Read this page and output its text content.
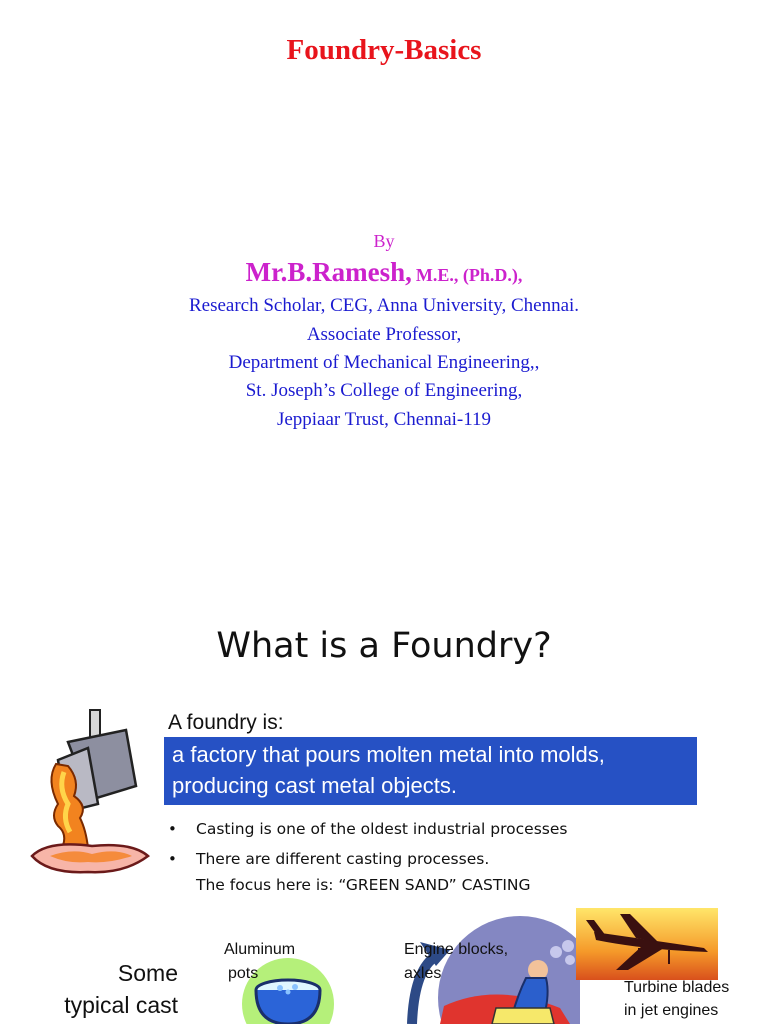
Foundry-Basics
By
Mr.B.Ramesh, M.E., (Ph.D.),
Research Scholar, CEG, Anna University, Chennai.
Associate Professor,
Department of Mechanical Engineering,,
St. Joseph’s College of Engineering,
Jeppiaar Trust, Chennai-119
What is a Foundry?
A foundry is:
a factory that pours molten metal into molds,
producing cast metal objects.
• Casting is one of the oldest industrial processes
• There are different casting processes.
The focus here is: “GREEN SAND” CASTING
Some
typical cast
Aluminum
pots
Engine blocks,
axles
Turbine blades
in jet engines
